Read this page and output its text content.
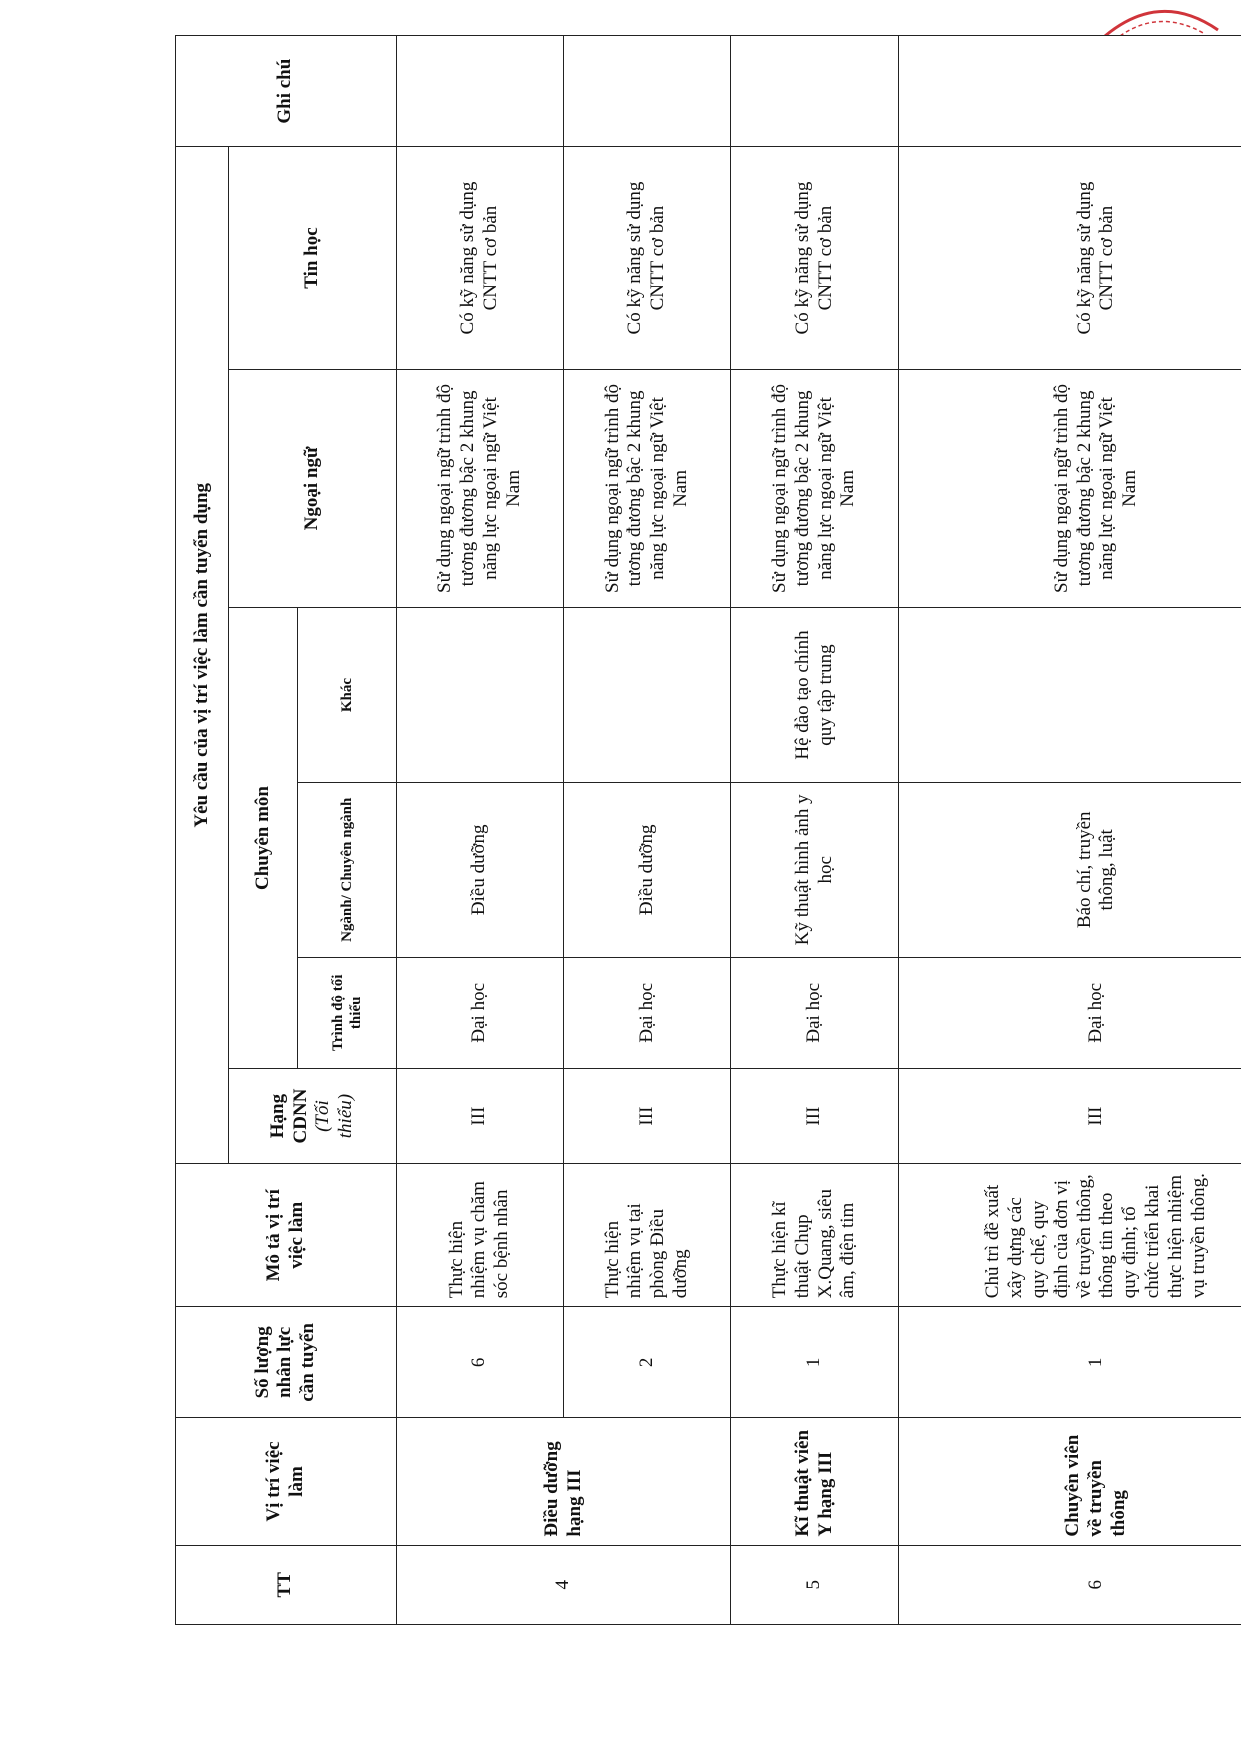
TT	Vị trí việc làm	Số lượng nhân lực cần tuyển	Mô tả vị trí việc làm	Yêu cầu của vị trí việc làm cần tuyển dụng						Ghi chú
				Hạng CDNN
(Tối thiểu)	Chuyên môn			Ngoại ngữ	Tin học	
					Trình độ tối thiểu	Ngành/ Chuyên ngành	Khác			
4	Điều dưỡng hạng III	6	Thực hiện nhiệm vụ chăm sóc bệnh nhân	III	Đại học	Điều dưỡng		Sử dụng ngoại ngữ trình độ tương đương bậc 2 khung năng lực ngoại ngữ Việt Nam	Có kỹ năng sử dụng CNTT cơ bản	
		2	Thực hiện nhiệm vụ tại phòng Điều dưỡng	III	Đại học	Điều dưỡng		Sử dụng ngoại ngữ trình độ tương đương bậc 2 khung năng lực ngoại ngữ Việt Nam	Có kỹ năng sử dụng CNTT cơ bản	
5	Kĩ thuật viên Y hạng III	1	Thực hiện kĩ thuật Chụp X.Quang, siêu âm, điện tim	III	Đại học	Kỹ thuật hình ảnh y học	Hệ đào tạo chính quy tập trung	Sử dụng ngoại ngữ trình độ tương đương bậc 2 khung năng lực ngoại ngữ Việt Nam	Có kỹ năng sử dụng CNTT cơ bản	
6	Chuyên viên về truyền thông	1	Chủ trì đề xuất xây dựng các quy chế, quy định của đơn vị về truyền thông, thông tin theo quy định; tổ chức triển khai thực hiện nhiệm vụ truyền thông.	III	Đại học	Báo chí, truyền thông, luật		Sử dụng ngoại ngữ trình độ tương đương bậc 2 khung năng lực ngoại ngữ Việt Nam	Có kỹ năng sử dụng CNTT cơ bản	
